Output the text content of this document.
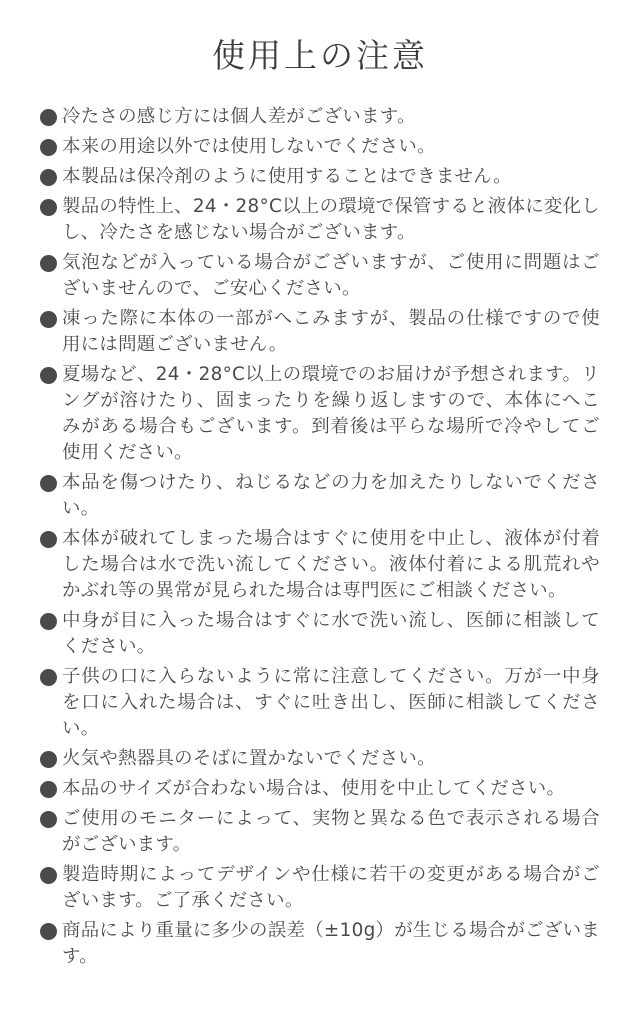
使用上の注意
冷たさの感じ方には個人差がございます。
本来の用途以外では使用しないでください。
本製品は保冷剤のように使用することはできません。
製品の特性上、24・28°C以上の環境で保管すると液体に変化しし、冷たさを感じない場合がございます。
気泡などが入っている場合がございますが、ご使用に問題はございませんので、ご安心ください。
凍った際に本体の一部がへこみますが、製品の仕様ですので使用には問題ございません。
夏場など、24・28°C以上の環境でのお届けが予想されます。リングが溶けたり、固まったりを繰り返しますので、本体にへこみがある場合もございます。到着後は平らな場所で冷やしてご使用ください。
本品を傷つけたり、ねじるなどの力を加えたりしないでください。
本体が破れてしまった場合はすぐに使用を中止し、液体が付着した場合は水で洗い流してください。液体付着による肌荒れやかぶれ等の異常が見られた場合は専門医にご相談ください。
中身が目に入った場合はすぐに水で洗い流し、医師に相談してください。
子供の口に入らないように常に注意してください。万が一中身を口に入れた場合は、すぐに吐き出し、医師に相談してください。
火気や熱器具のそばに置かないでください。
本品のサイズが合わない場合は、使用を中止してください。
ご使用のモニターによって、実物と異なる色で表示される場合がございます。
製造時期によってデザインや仕様に若干の変更がある場合がございます。ご了承ください。
商品により重量に多少の誤差（±10g）が生じる場合がございます。
